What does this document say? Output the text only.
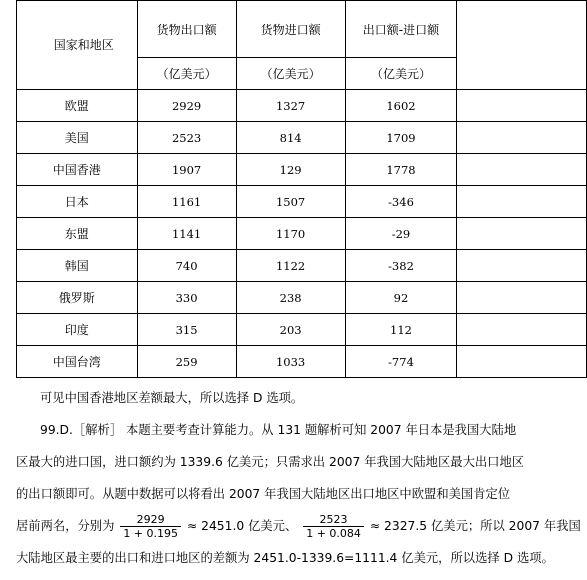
国家和地区	货物出口额	货物进口额	出口额-进口额	
	（亿美元）	（亿美元）	（亿美元）	
欧盟	2929	1327	1602	
美国	2523	814	1709	
中国香港	1907	129	1778	
日本	1161	1507	-346	
东盟	1141	1170	-29	
韩国	740	1122	-382	
俄罗斯	330	238	92	
印度	315	203	112	
中国台湾	259	1033	-774	
可见中国香港地区差额最大，所以选择 D 选项。
99.D.［解析］ 本题主要考查计算能力。从 131 题解析可知 2007 年日本是我国大陆地
区最大的进口国，进口额约为 1339.6 亿美元；只需求出 2007 年我国大陆地区最大出口地区
的出口额即可。从题中数据可以将看出 2007 年我国大陆地区出口地区中欧盟和美国肯定位
居前两名，分别为 $\frac{2929}{1 + 0.195} \approx 2451.0$ 亿美元、 $\frac{2523}{1 + 0.084} \approx 2327.5$ 亿美元；所以 2007 年我国
大陆地区最主要的出口和进口地区的差额为 2451.0-1339.6=1111.4 亿美元，所以选择 D 选项。
